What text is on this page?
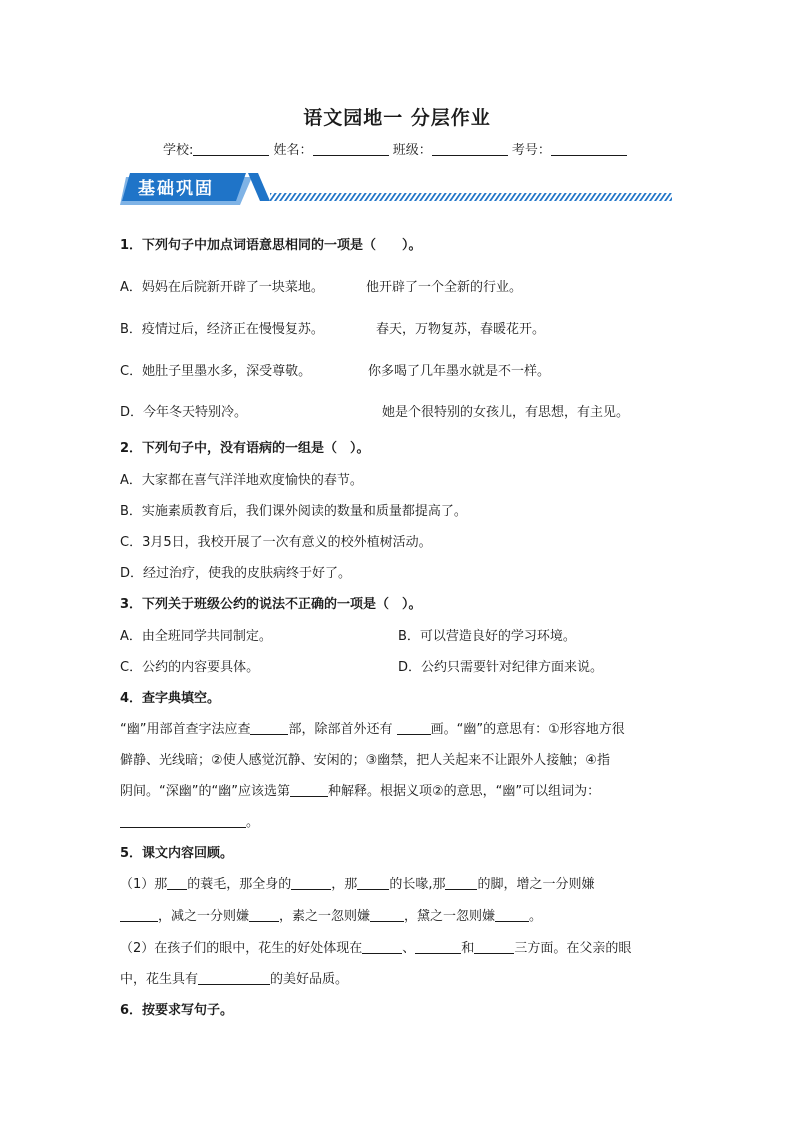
语文园地一 分层作业
学校:	姓名：	班级：	考号：
基础巩固
1．下列句子中加点词语意思相同的一项是（　　）。
A．妈妈在后院新开辟了一块菜地。	他开辟了一个全新的行业。
B．疫情过后，经济正在慢慢复苏。	春天，万物复苏，春暖花开。
C．她肚子里墨水多，深受尊敬。	你多喝了几年墨水就是不一样。
D．今年冬天特别冷。	她是个很特别的女孩儿，有思想，有主见。
2．下列句子中，没有语病的一组是（　）。
A．大家都在喜气洋洋地欢度愉快的春节。
B．实施素质教育后，我们课外阅读的数量和质量都提高了。
C．3月5日，我校开展了一次有意义的校外植树活动。
D．经过治疗，使我的皮肤病终于好了。
3．下列关于班级公约的说法不正确的一项是（　）。
A．由全班同学共同制定。	B．可以营造良好的学习环境。
C．公约的内容要具体。	D．公约只需要针对纪律方面来说。
4．查字典填空。
“幽”用部首查字法应查	部，除部首外还有	画。“幽”的意思有：①形容地方很
僻静、光线暗；②使人感觉沉静、安闲的；③幽禁，把人关起来不让跟外人接触；④指
阴间。“深幽”的“幽”应该选第	种解释。根据义项②的意思，“幽”可以组词为：
。
5．课文内容回顾。
（1）那 的蓑毛，那全身的	，那 的长喙,那 的脚，增之一分则嫌
，减之一分则嫌 ，素之一忽则嫌	，黛之一忽则嫌	。
（2）在孩子们的眼中，花生的好处体现在	、	和	三方面。在父亲的眼
中，花生具有	的美好品质。
6．按要求写句子。
